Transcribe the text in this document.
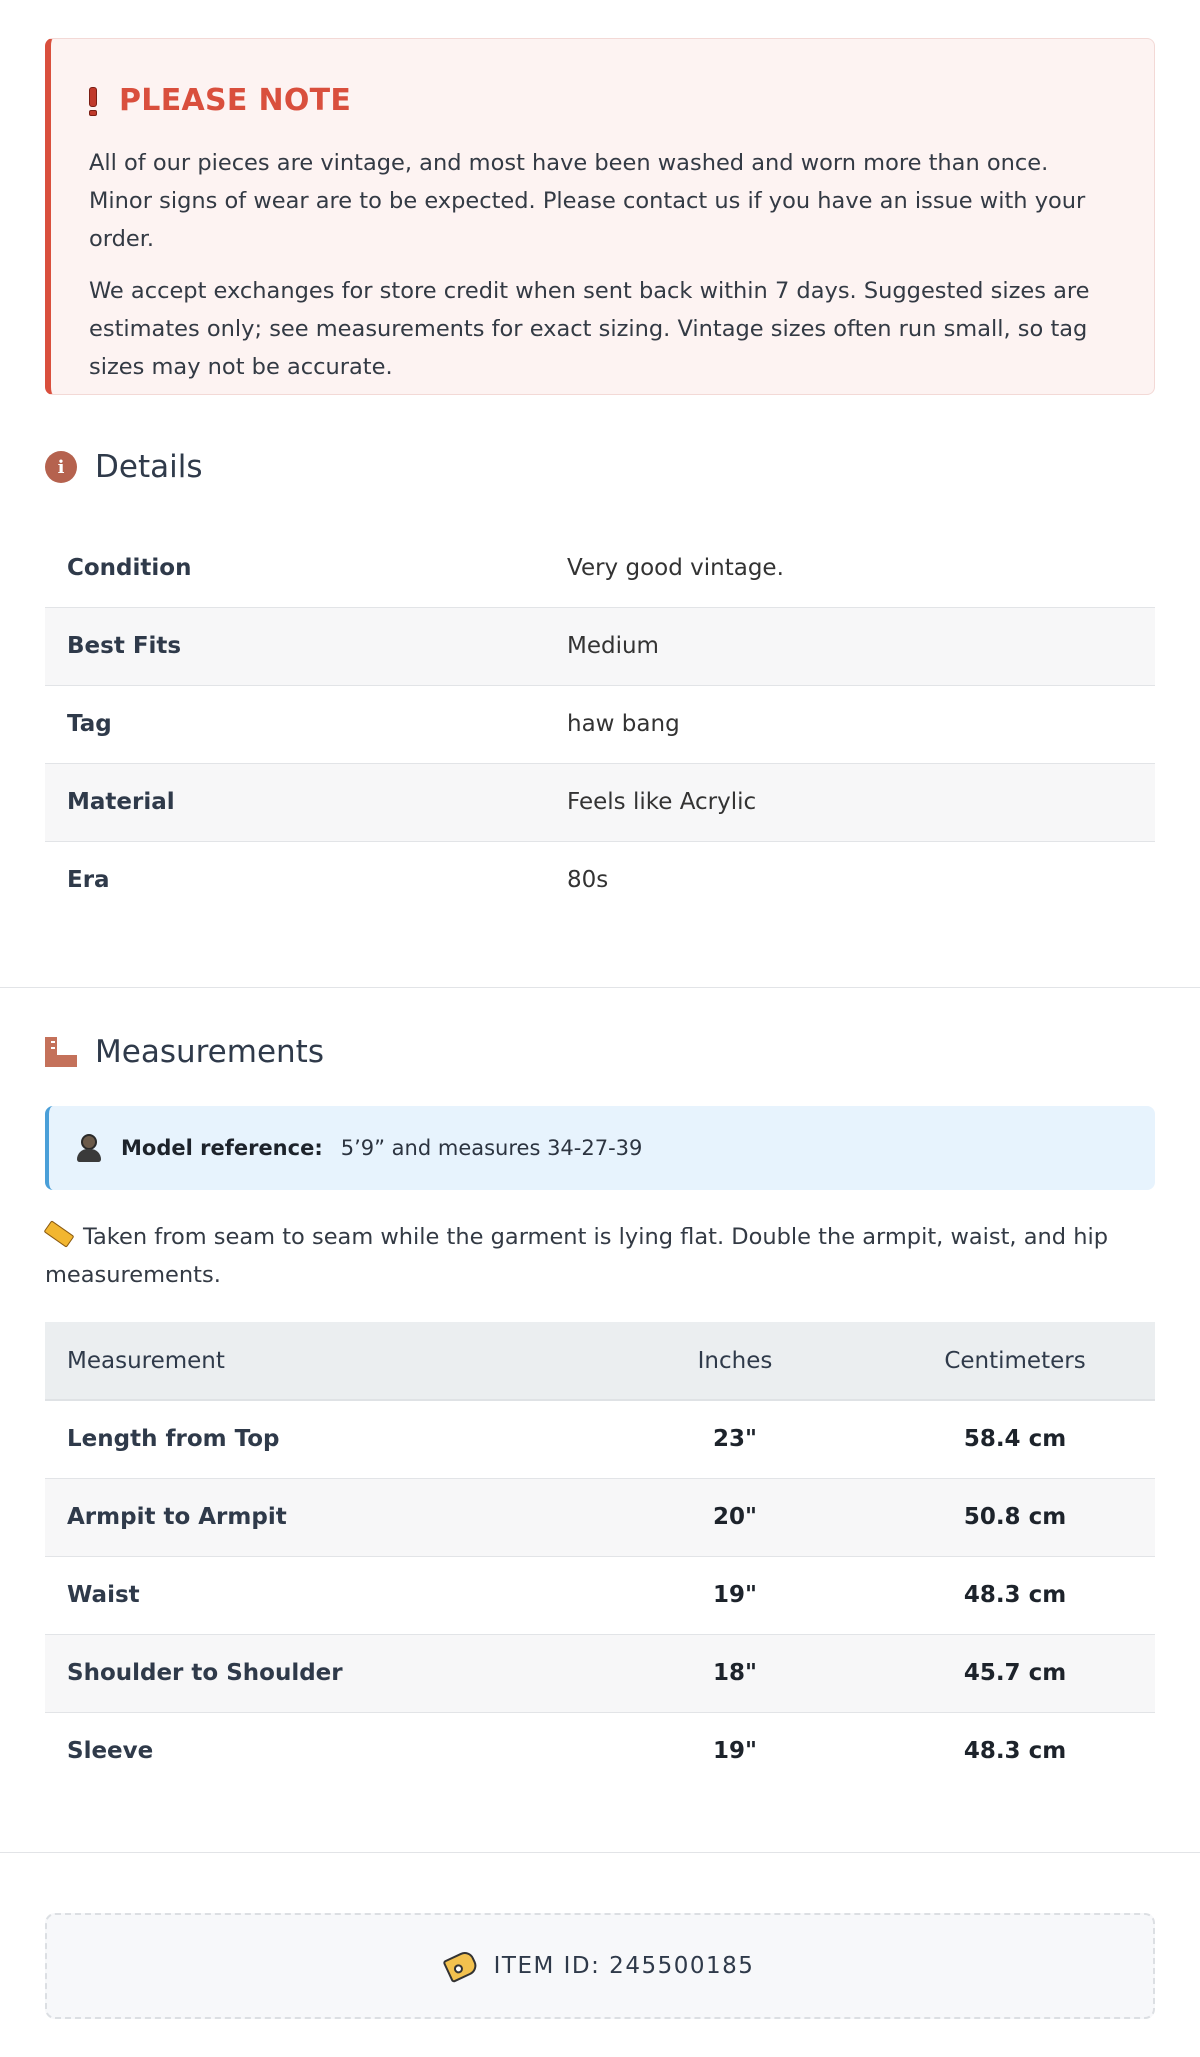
PLEASE NOTE

All of our pieces are vintage, and most have been washed and worn more than once. Minor signs of wear are to be expected. Please contact us if you have an issue with your order.

We accept exchanges for store credit when sent back within 7 days. Suggested sizes are estimates only; see measurements for exact sizing. Vintage sizes often run small, so tag sizes may not be accurate.

i Details
Condition	Very good vintage.
Best Fits	Medium
Tag	haw bang
Material	Feels like Acrylic
Era	80s
Measurements
Model reference: 5’9” and measures 34-27-39

Taken from seam to seam while the garment is lying flat. Double the armpit, waist, and hip measurements.

Measurement	Inches	Centimeters
Length from Top	23"	58.4 cm
Armpit to Armpit	20"	50.8 cm
Waist	19"	48.3 cm
Shoulder to Shoulder	18"	45.7 cm
Sleeve	19"	48.3 cm
ITEM ID: 245500185
